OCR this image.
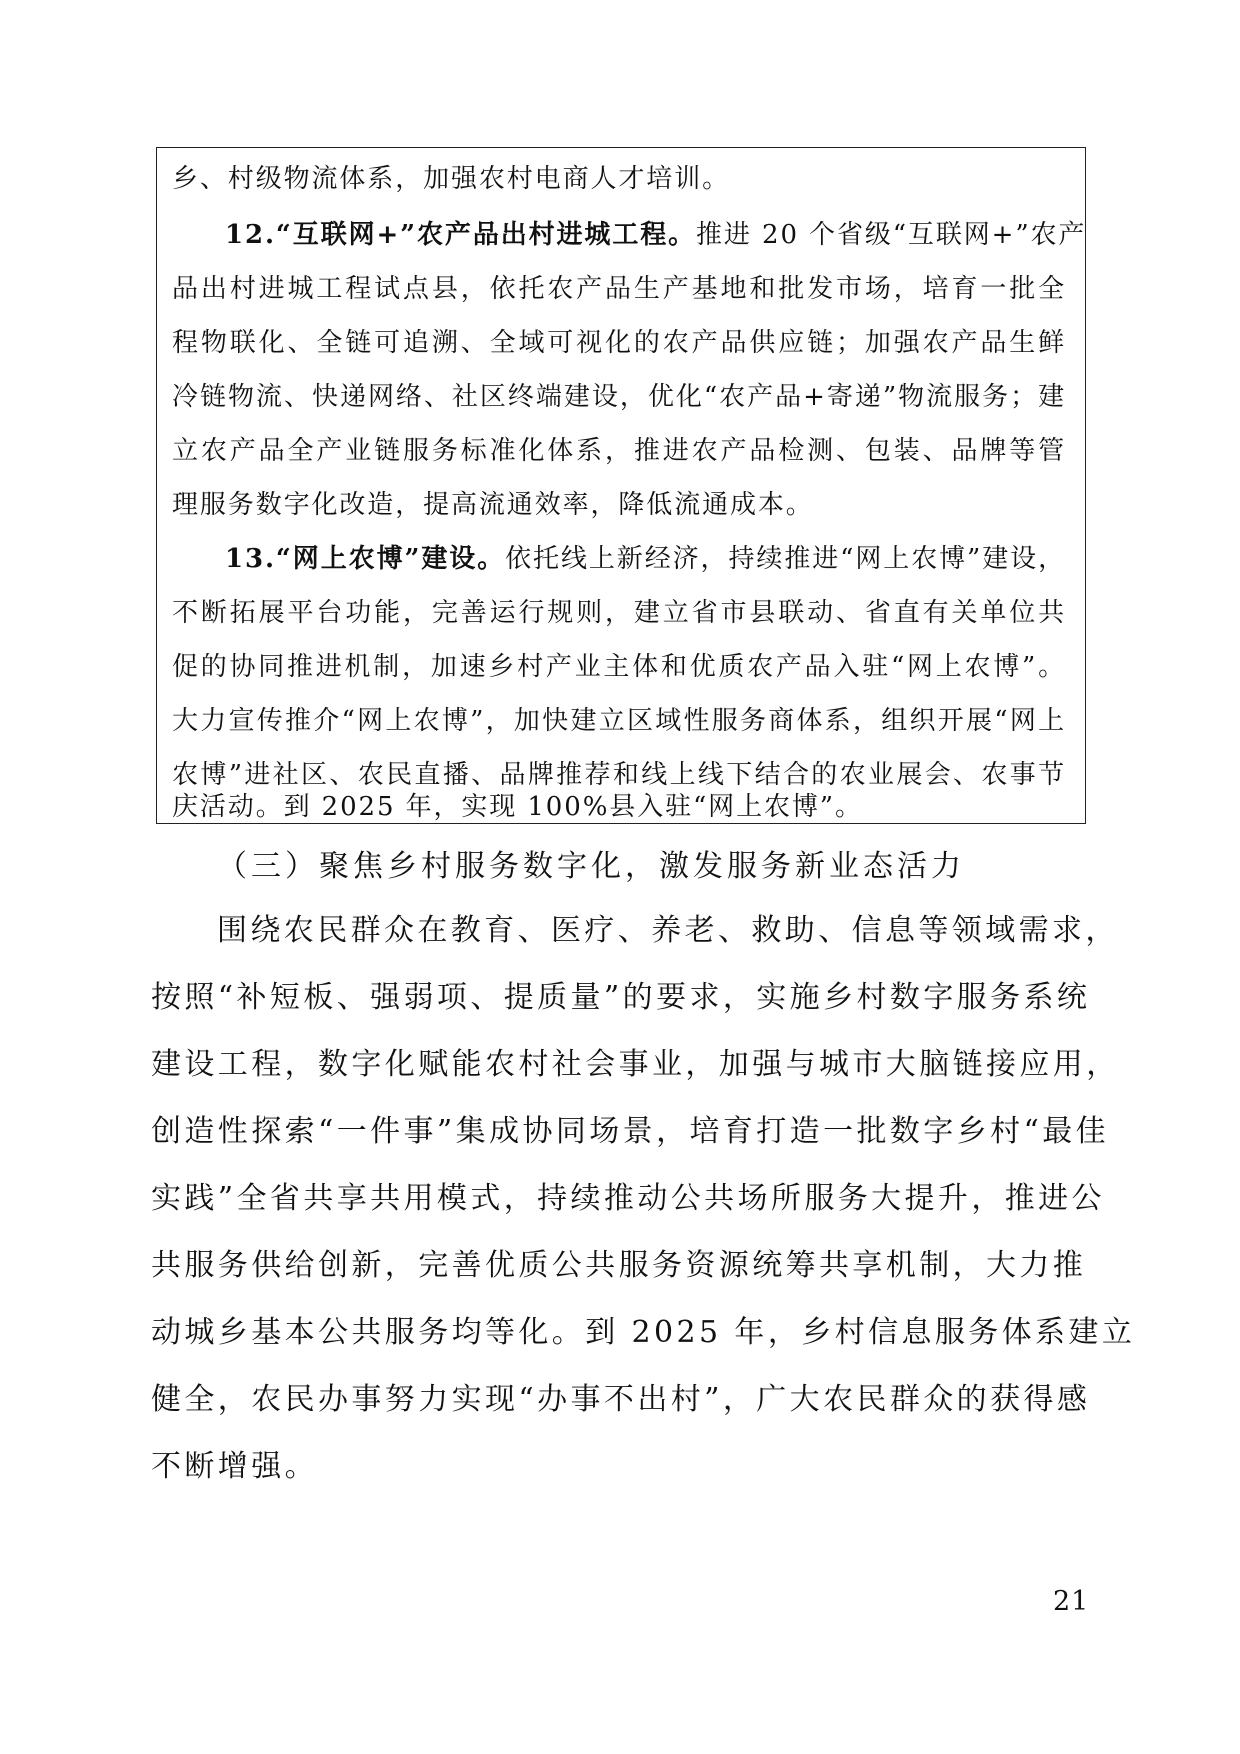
乡、村级物流体系，加强农村电商人才培训。
12.“互联网+”农产品出村进城工程。推进 20 个省级“互联网+”农产
品出村进城工程试点县，依托农产品生产基地和批发市场，培育一批全
程物联化、全链可追溯、全域可视化的农产品供应链；加强农产品生鲜
冷链物流、快递网络、社区终端建设，优化“农产品+寄递”物流服务；建
立农产品全产业链服务标准化体系，推进农产品检测、包装、品牌等管
理服务数字化改造，提高流通效率，降低流通成本。
13.“网上农博”建设。依托线上新经济，持续推进“网上农博”建设，
不断拓展平台功能，完善运行规则，建立省市县联动、省直有关单位共
促的协同推进机制，加速乡村产业主体和优质农产品入驻“网上农博”。
大力宣传推介“网上农博”，加快建立区域性服务商体系，组织开展“网上
农博”进社区、农民直播、品牌推荐和线上线下结合的农业展会、农事节
庆活动。到 2025 年，实现 100%县入驻“网上农博”。
（三）聚焦乡村服务数字化，激发服务新业态活力
围绕农民群众在教育、医疗、养老、救助、信息等领域需求，
按照“补短板、强弱项、提质量”的要求，实施乡村数字服务系统
建设工程，数字化赋能农村社会事业，加强与城市大脑链接应用，
创造性探索“一件事”集成协同场景，培育打造一批数字乡村“最佳
实践”全省共享共用模式，持续推动公共场所服务大提升，推进公
共服务供给创新，完善优质公共服务资源统筹共享机制，大力推
动城乡基本公共服务均等化。到 2025 年，乡村信息服务体系建立
健全，农民办事努力实现“办事不出村”，广大农民群众的获得感
不断增强。
21
